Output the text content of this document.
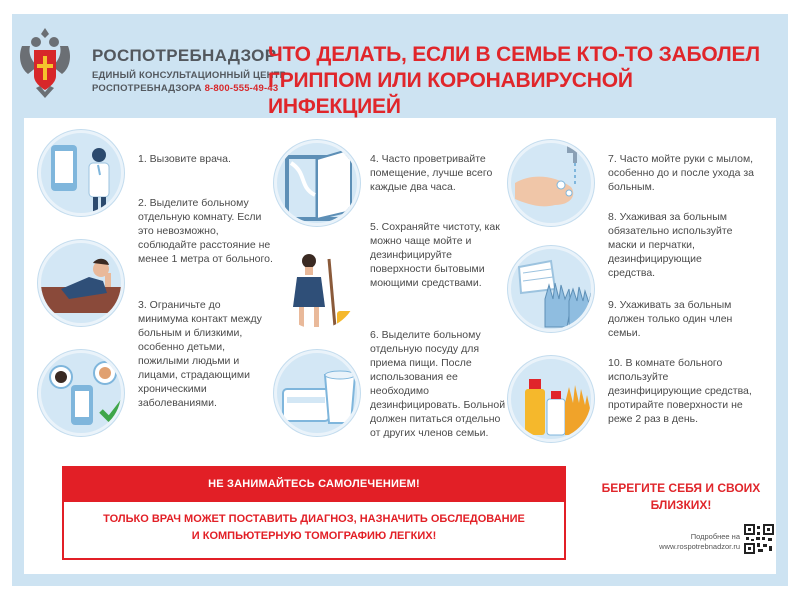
РОСПОТРЕБНАДЗОР
ЕДИНЫЙ КОНСУЛЬТАЦИОННЫЙ ЦЕНТР
РОСПОТРЕБНАДЗОРА 8-800-555-49-43
ЧТО ДЕЛАТЬ, ЕСЛИ В СЕМЬЕ КТО-ТО ЗАБОЛЕЛ ГРИППОМ ИЛИ КОРОНАВИРУСНОЙ ИНФЕКЦИЕЙ
1. Вызовите врача.
2. Выделите больному отдельную комнату. Если это невозможно, соблюдайте расстояние не менее 1 метра от больного.
3. Ограничьте до минимума контакт между больным и близкими, особенно детьми, пожилыми людьми и лицами, страдающими хроническими заболеваниями.
4. Часто проветривайте помещение, лучше всего каждые два часа.
5. Сохраняйте чистоту, как можно чаще мойте и дезинфицируйте поверхности бытовыми моющими средствами.
6. Выделите больному отдельную посуду для приема пищи. После использования ее необходимо дезинфицировать. Больной должен питаться отдельно от других членов семьи.
7. Часто мойте руки с мылом, особенно до и после ухода за больным.
8. Ухаживая за больным обязательно используйте маски и перчатки, дезинфицирующие средства.
9. Ухаживать за больным должен только один член семьи.
10. В комнате больного используйте дезинфицирующие средства, протирайте поверхности не реже 2 раз в день.
НЕ ЗАНИМАЙТЕСЬ САМОЛЕЧЕНИЕМ!
ТОЛЬКО ВРАЧ МОЖЕТ ПОСТАВИТЬ ДИАГНОЗ, НАЗНАЧИТЬ ОБСЛЕДОВАНИЕ
И КОМПЬЮТЕРНУЮ ТОМОГРАФИЮ ЛЕГКИХ!
БЕРЕГИТЕ СЕБЯ И СВОИХ
БЛИЗКИХ!
Подробнее на
www.rospotrebnadzor.ru
